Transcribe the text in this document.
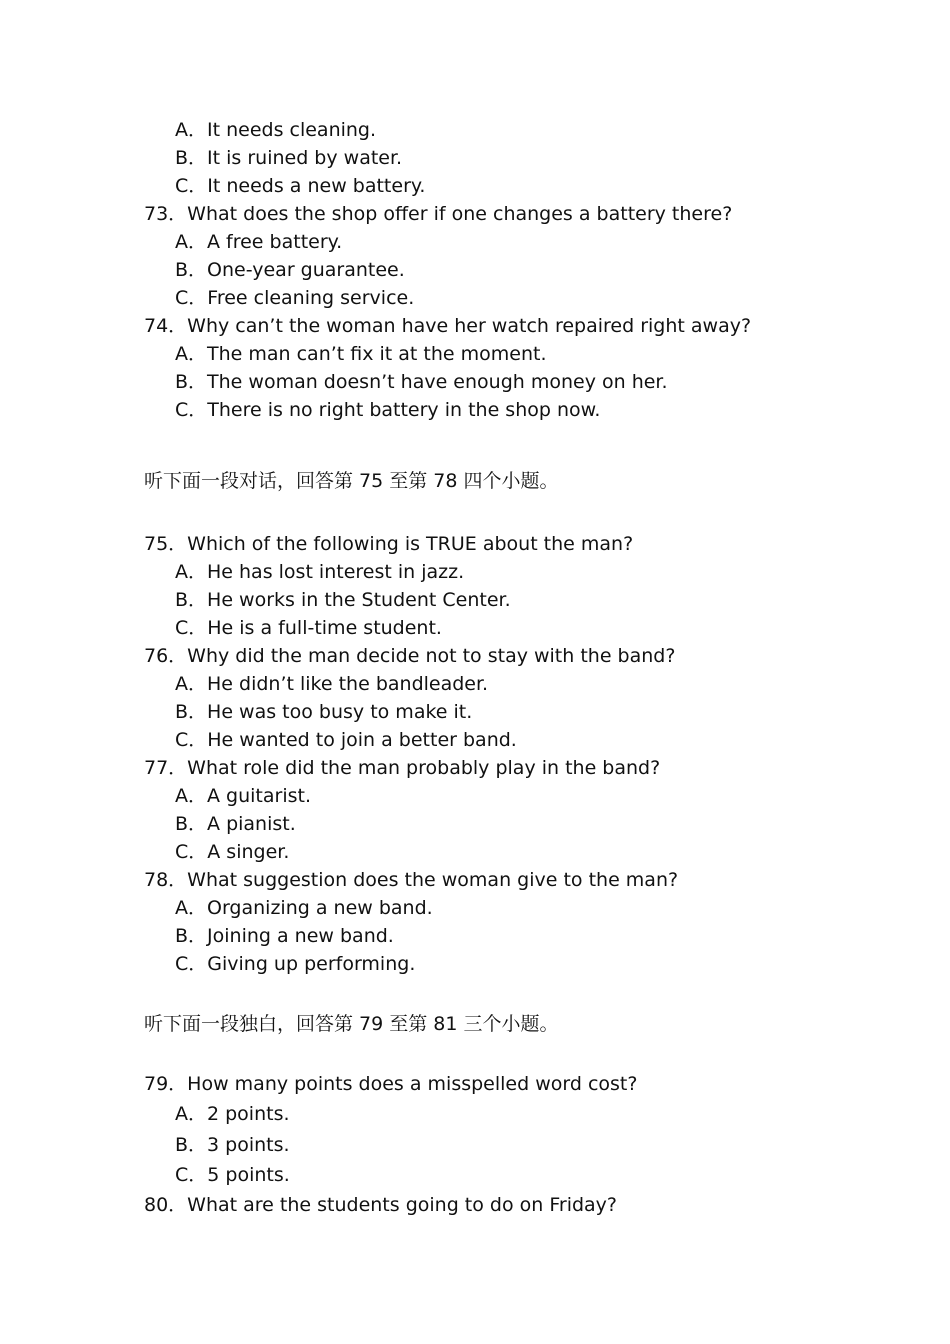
A．It needs cleaning.
B．It is ruined by water.
C．It needs a new battery.
73．What does the shop offer if one changes a battery there?
A．A free battery.
B．One-year guarantee.
C．Free cleaning service.
74．Why can’t the woman have her watch repaired right away?
A．The man can’t fix it at the moment.
B．The woman doesn’t have enough money on her.
C．There is no right battery in the shop now.
听下面一段对话，回答第 75 至第 78 四个小题。
75．Which of the following is TRUE about the man?
A．He has lost interest in jazz.
B．He works in the Student Center.
C．He is a full-time student.
76．Why did the man decide not to stay with the band?
A．He didn’t like the bandleader.
B．He was too busy to make it.
C．He wanted to join a better band.
77．What role did the man probably play in the band?
A．A guitarist.
B．A pianist.
C．A singer.
78．What suggestion does the woman give to the man?
A．Organizing a new band.
B．Joining a new band.
C．Giving up performing.
听下面一段独白，回答第 79 至第 81 三个小题。
79．How many points does a misspelled word cost?
A．2 points.
B．3 points.
C．5 points.
80．What are the students going to do on Friday?
